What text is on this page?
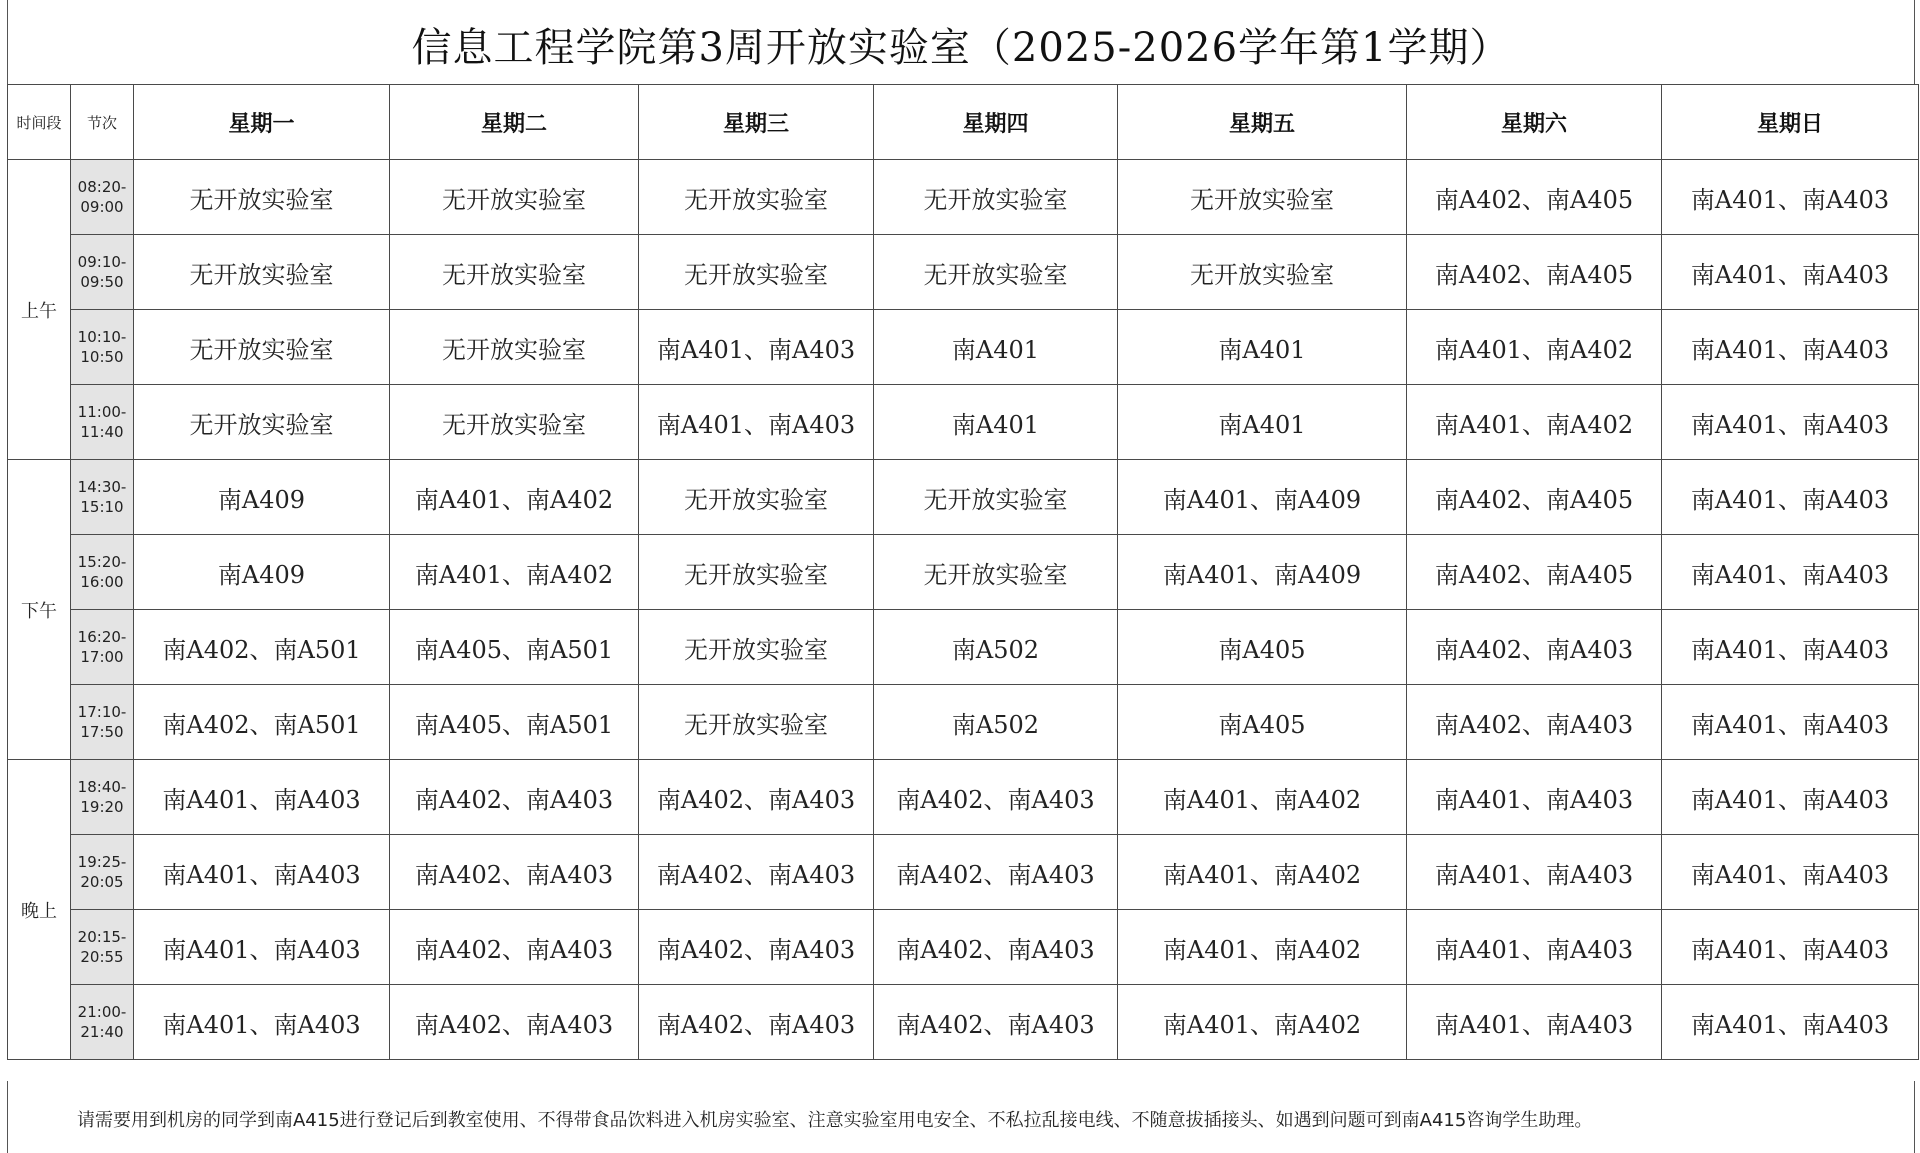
信息工程学院第3周开放实验室（2025-2026学年第1学期）
时间段	节次	星期一	星期二	星期三	星期四	星期五	星期六	星期日
上午	08:20-
09:00	无开放实验室	无开放实验室	无开放实验室	无开放实验室	无开放实验室	南A402、南A405	南A401、南A403

	09:10-
09:50	无开放实验室	无开放实验室	无开放实验室	无开放实验室	无开放实验室	南A402、南A405	南A401、南A403

	10:10-
10:50	无开放实验室	无开放实验室	南A401、南A403	南A401	南A401	南A401、南A402	南A401、南A403

	11:00-
11:40	无开放实验室	无开放实验室	南A401、南A403	南A401	南A401	南A401、南A402	南A401、南A403
下午	14:30-
15:10	南A409	南A401、南A402	无开放实验室	无开放实验室	南A401、南A409	南A402、南A405	南A401、南A403

	15:20-
16:00	南A409	南A401、南A402	无开放实验室	无开放实验室	南A401、南A409	南A402、南A405	南A401、南A403

	16:20-
17:00	南A402、南A501	南A405、南A501	无开放实验室	南A502	南A405	南A402、南A403	南A401、南A403

	17:10-
17:50	南A402、南A501	南A405、南A501	无开放实验室	南A502	南A405	南A402、南A403	南A401、南A403
晚上	18:40-
19:20	南A401、南A403	南A402、南A403	南A402、南A403	南A402、南A403	南A401、南A402	南A401、南A403	南A401、南A403

	19:25-
20:05	南A401、南A403	南A402、南A403	南A402、南A403	南A402、南A403	南A401、南A402	南A401、南A403	南A401、南A403

	20:15-
20:55	南A401、南A403	南A402、南A403	南A402、南A403	南A402、南A403	南A401、南A402	南A401、南A403	南A401、南A403

	21:00-
21:40	南A401、南A403	南A402、南A403	南A402、南A403	南A402、南A403	南A401、南A402	南A401、南A403	南A401、南A403
请需要用到机房的同学到南A415进行登记后到教室使用、不得带食品饮料进入机房实验室、注意实验室用电安全、不私拉乱接电线、不随意拔插接头、如遇到问题可到南A415咨询学生助理。
